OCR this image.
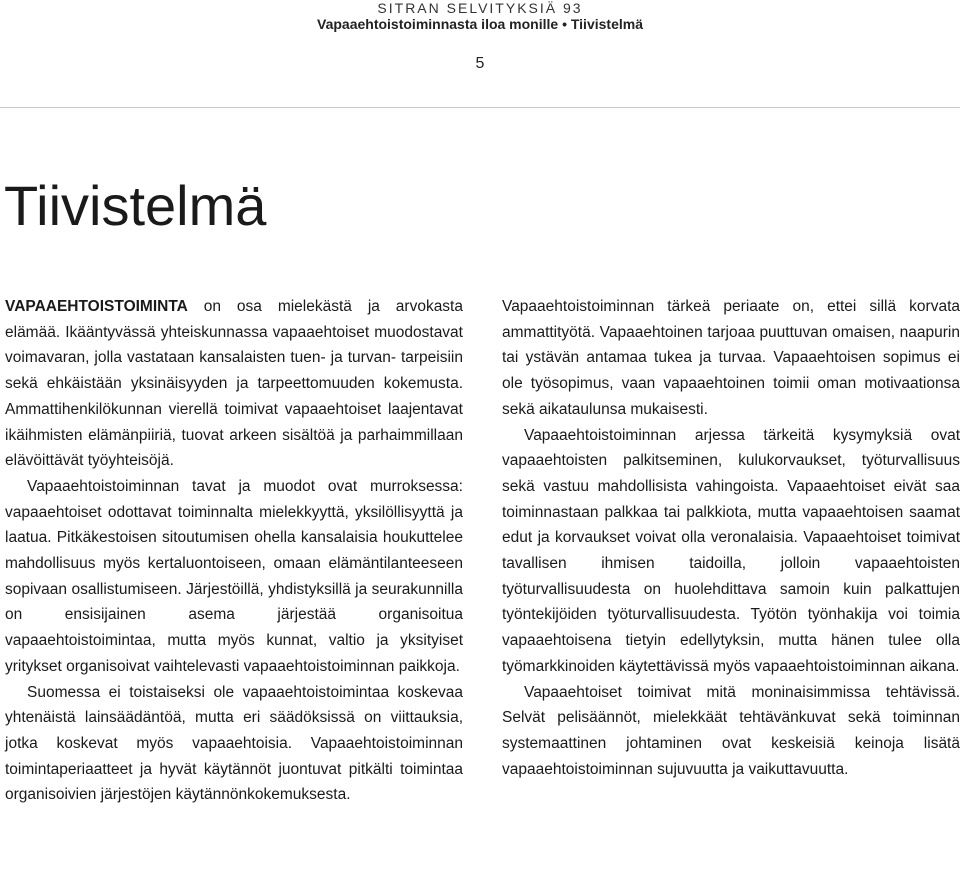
SITRAN SELVITYKSIÄ 93
Vapaaehtoistoiminnasta iloa monille • Tiivistelmä
5
Tiivistelmä

VAPAAEHTOISTOIMINTA on osa mielekästä ja arvokasta elämää. Ikääntyvässä yhteiskunnassa vapaaehtoiset muodostavat voimavaran, jolla vastataan kansalaisten tuen- ja turvan- tarpeisiin sekä ehkäistään yksinäisyyden ja tarpeettomuuden kokemusta. Ammattihenkilökunnan vierellä toimivat vapaaehtoiset laajentavat ikäihmisten elämänpiiriä, tuovat arkeen sisältöä ja parhaimmillaan elävöittävät työyhteisöjä.

Vapaaehtoistoiminnan tavat ja muodot ovat murroksessa: vapaaehtoiset odottavat toiminnalta mielekkyyttä, yksilöllisyyttä ja laatua. Pitkäkestoisen sitoutumisen ohella kansalaisia houkuttelee mahdollisuus myös kertaluontoiseen, omaan elämäntilanteeseen sopivaan osallistumiseen. Järjestöillä, yhdistyksillä ja seurakunnilla on ensisijainen asema järjestää organisoitua vapaaehtoistoimintaa, mutta myös kunnat, valtio ja yksityiset yritykset organisoivat vaihtelevasti vapaaehtoistoiminnan paikkoja.

Suomessa ei toistaiseksi ole vapaaehtoistoimintaa koskevaa yhtenäistä lainsäädäntöä, mutta eri säädöksissä on viittauksia, jotka koskevat myös vapaaehtoisia. Vapaaehtoistoiminnan toimintaperiaatteet ja hyvät käytännöt juontuvat pitkälti toimintaa organisoivien järjestöjen käytännönkokemuksesta.

Vapaaehtoistoiminnan tärkeä periaate on, ettei sillä korvata ammattityötä. Vapaaehtoinen tarjoaa puuttuvan omaisen, naapurin tai ystävän antamaa tukea ja turvaa. Vapaaehtoisen sopimus ei ole työsopimus, vaan vapaaehtoinen toimii oman motivaationsa sekä aikataulunsa mukaisesti.

Vapaaehtoistoiminnan arjessa tärkeitä kysymyksiä ovat vapaaehtoisten palkitseminen, kulukorvaukset, työturvallisuus sekä vastuu mahdollisista vahingoista. Vapaaehtoiset eivät saa toiminnastaan palkkaa tai palkkiota, mutta vapaaehtoisen saamat edut ja korvaukset voivat olla veronalaisia. Vapaaehtoiset toimivat tavallisen ihmisen taidoilla, jolloin vapaaehtoisten työturvallisuudesta on huolehdittava samoin kuin palkattujen työntekijöiden työturvallisuudesta. Työtön työnhakija voi toimia vapaaehtoisena tietyin edellytyksin, mutta hänen tulee olla työmarkkinoiden käytettävissä myös vapaaehtoistoiminnan aikana.

Vapaaehtoiset toimivat mitä moninaisimmissa tehtävissä. Selvät pelisäännöt, mielekkäät tehtävänkuvat sekä toiminnan systemaattinen johtaminen ovat keskeisiä keinoja lisätä vapaaehtoistoiminnan sujuvuutta ja vaikuttavuutta.
